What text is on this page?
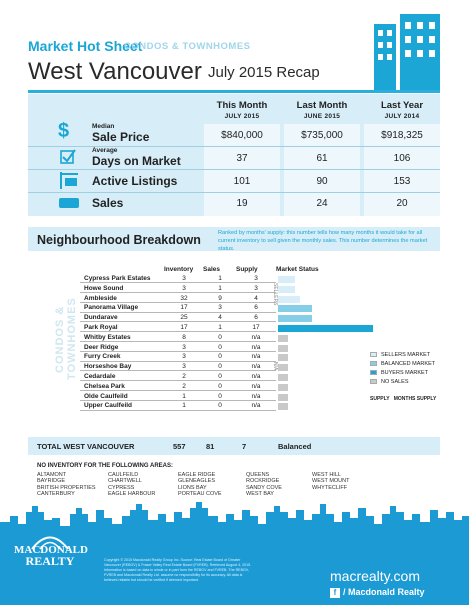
Market Hot Sheet
CONDOS & TOWNHOMES
West Vancouver July 2015 Recap
This Month
JULY 2015
Last Month
JUNE 2015
Last Year
JULY 2014
$	Median
Sale Price	$840,000	$735,000	$918,325
Average
Days on Market	37	61	106
Active Listings	101	90	153
Sales	19	24	20
Neighbourhood Breakdown	Ranked by months' supply: this number tells how many months it would take for all current inventory to sell given the monthly sales. This number determines the market status.
CONDOS & TOWNHOMES
Inventory Sales Supply	Market Status
Cypress Park Estates	3	1	3
Howe Sound	3	1	3
Ambleside	32	9	4
Panorama Village	17	3	6
Dundarave	25	4	6
Park Royal	17	1	17
Whitby Estates	8	0	n/a
Deer Ridge	3	0	n/a
Furry Creek	3	0	n/a
Horseshoe Bay	3	0	n/a
Cedardale	2	0	n/a
Chelsea Park	2	0	n/a
Olde Caulfeild	1	0	n/a
Upper Caulfeild	1	0	n/a
SELLERS
N/A
SELLERS MARKET
BALANCED MARKET
BUYERS MARKET
NO SALES
SUPPLY MONTHS SUPPLY
TOTAL WEST VANCOUVER	557	81	7	Balanced
NO INVENTORY FOR THE FOLLOWING AREAS:
ALTAMONT
BAYRIDGE
BRITISH PROPERTIES
CANTERBURY
CAULFEILD
CHARTWELL
CYPRESS
EAGLE HARBOUR
EAGLE RIDGE
GLENEAGLES
LIONS BAY
PORTEAU COVE
QUEENS
ROCKRIDGE
SANDY COVE
WEST BAY
WEST HILL
WEST MOUNT
WHYTECLIFF
MACDONALD
REALTY	Copyright © 2015 Macdonald Realty Group Inc. Source: Real Estate Board of Greater Vancouver (REBGV) & Fraser Valley Real Estate Board (FVREB). Retrieved August 4, 2015. Information is based on data in whole or in part from the REBGV and FVREB. The REBGV, FVREB and Macdonald Realty Ltd. assume no responsibility for its accuracy. All data is believed reliable but should be verified if deemed important.	macrealty.com
f / Macdonald Realty
